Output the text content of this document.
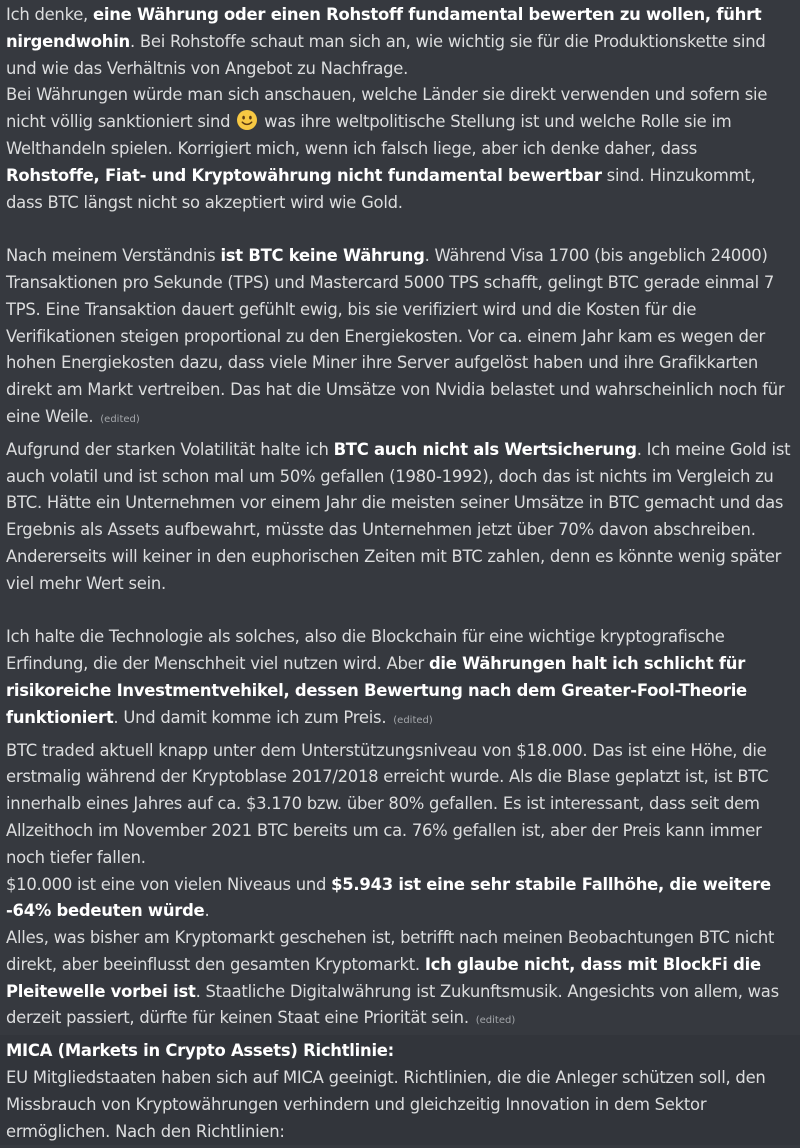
Ich denke, eine Währung oder einen Rohstoff fundamental bewerten zu wollen, führt nirgendwohin. Bei Rohstoffe schaut man sich an, wie wichtig sie für die Produktionskette sind und wie das Verhältnis von Angebot zu Nachfrage.

Bei Währungen würde man sich anschauen, welche Länder sie direkt verwenden und sofern sie nicht völlig sanktioniert sind  was ihre weltpolitische Stellung ist und welche Rolle sie im Welthandeln spielen. Korrigiert mich, wenn ich falsch liege, aber ich denke daher, dass Rohstoffe, Fiat- und Kryptowährung nicht fundamental bewertbar sind. Hinzukommt, dass BTC längst nicht so akzeptiert wird wie Gold.

Nach meinem Verständnis ist BTC keine Währung. Während Visa 1700 (bis angeblich 24000) Transaktionen pro Sekunde (TPS) und Mastercard 5000 TPS schafft, gelingt BTC gerade einmal 7 TPS. Eine Transaktion dauert gefühlt ewig, bis sie verifiziert wird und die Kosten für die Verifikationen steigen proportional zu den Energiekosten. Vor ca. einem Jahr kam es wegen der hohen Energiekosten dazu, dass viele Miner ihre Server aufgelöst haben und ihre Grafikkarten direkt am Markt vertreiben. Das hat die Umsätze von Nvidia belastet und wahrscheinlich noch für eine Weile. (edited)

Aufgrund der starken Volatilität halte ich BTC auch nicht als Wertsicherung. Ich meine Gold ist auch volatil und ist schon mal um 50% gefallen (1980-1992), doch das ist nichts im Vergleich zu BTC. Hätte ein Unternehmen vor einem Jahr die meisten seiner Umsätze in BTC gemacht und das Ergebnis als Assets aufbewahrt, müsste das Unternehmen jetzt über 70% davon abschreiben. Andererseits will keiner in den euphorischen Zeiten mit BTC zahlen, denn es könnte wenig später viel mehr Wert sein.

Ich halte die Technologie als solches, also die Blockchain für eine wichtige kryptografische Erfindung, die der Menschheit viel nutzen wird. Aber die Währungen halt ich schlicht für risikoreiche Investmentvehikel, dessen Bewertung nach dem Greater-Fool-Theorie funktioniert. Und damit komme ich zum Preis. (edited)

BTC traded aktuell knapp unter dem Unterstützungsniveau von $18.000. Das ist eine Höhe, die erstmalig während der Kryptoblase 2017/2018 erreicht wurde. Als die Blase geplatzt ist, ist BTC innerhalb eines Jahres auf ca. $3.170 bzw. über 80% gefallen. Es ist interessant, dass seit dem Allzeithoch im November 2021 BTC bereits um ca. 76% gefallen ist, aber der Preis kann immer noch tiefer fallen.

$10.000 ist eine von vielen Niveaus und $5.943 ist eine sehr stabile Fallhöhe, die weitere -64% bedeuten würde.

Alles, was bisher am Kryptomarkt geschehen ist, betrifft nach meinen Beobachtungen BTC nicht direkt, aber beeinflusst den gesamten Kryptomarkt. Ich glaube nicht, dass mit BlockFi die Pleitewelle vorbei ist. Staatliche Digitalwährung ist Zukunftsmusik. Angesichts von allem, was derzeit passiert, dürfte für keinen Staat eine Priorität sein. (edited)

MICA (Markets in Crypto Assets) Richtlinie:

EU Mitgliedstaaten haben sich auf MICA geeinigt. Richtlinien, die die Anleger schützen soll, den Missbrauch von Kryptowährungen verhindern und gleichzeitig Innovation in dem Sektor ermöglichen. Nach den Richtlinien:
